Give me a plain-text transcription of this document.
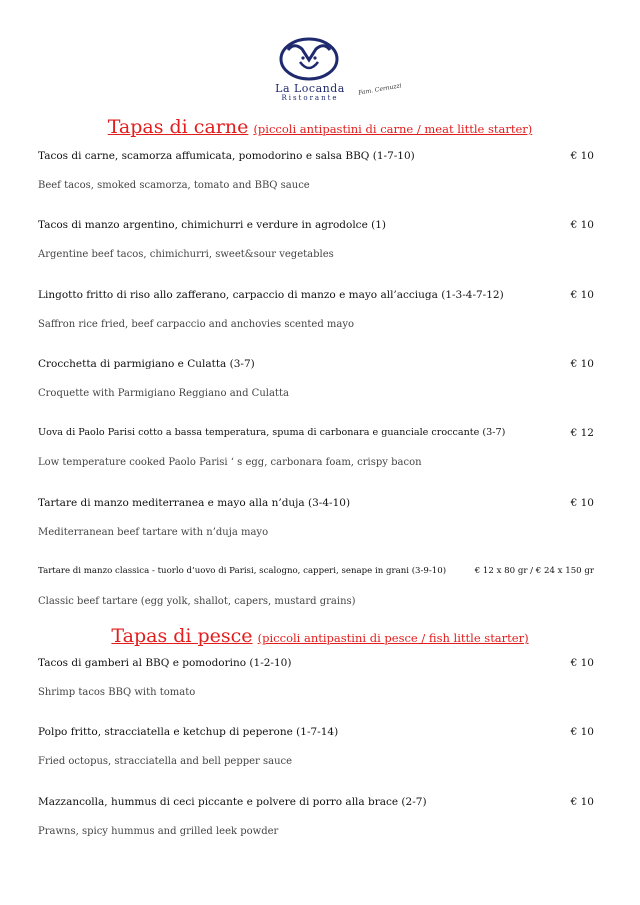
La Locanda
Ristorante
Fam. Cernuzzi
Tapas di carne (piccoli antipastini di carne / meat little starter)
Tacos di carne, scamorza affumicata, pomodorino e salsa BBQ (1-7-10)	€ 10
Beef tacos, smoked scamorza, tomato and BBQ sauce
Tacos di manzo argentino, chimichurri e verdure in agrodolce (1)	€ 10
Argentine beef tacos, chimichurri, sweet&sour vegetables
Lingotto fritto di riso allo zafferano, carpaccio di manzo e mayo all’acciuga (1-3-4-7-12)	€ 10
Saffron rice fried, beef carpaccio and anchovies scented mayo
Crocchetta di parmigiano e Culatta (3-7)	€ 10
Croquette with Parmigiano Reggiano and Culatta
Uova di Paolo Parisi cotto a bassa temperatura, spuma di carbonara e guanciale croccante (3-7)	€ 12
Low temperature cooked Paolo Parisi ‘ s egg, carbonara foam, crispy bacon
Tartare di manzo mediterranea e mayo alla n’duja (3-4-10)	€ 10
Mediterranean beef tartare with n’duja mayo
Tartare di manzo classica - tuorlo d’uovo di Parisi, scalogno, capperi, senape in grani (3-9-10)	€ 12 x 80 gr / € 24 x 150 gr
Classic beef tartare (egg yolk, shallot, capers, mustard grains)
Tapas di pesce (piccoli antipastini di pesce / fish little starter)
Tacos di gamberi al BBQ e pomodorino (1-2-10)	€ 10
Shrimp tacos BBQ with tomato
Polpo fritto, stracciatella e ketchup di peperone (1-7-14)	€ 10
Fried octopus, stracciatella and bell pepper sauce
Mazzancolla, hummus di ceci piccante e polvere di porro alla brace (2-7)	€ 10
Prawns, spicy hummus and grilled leek powder
